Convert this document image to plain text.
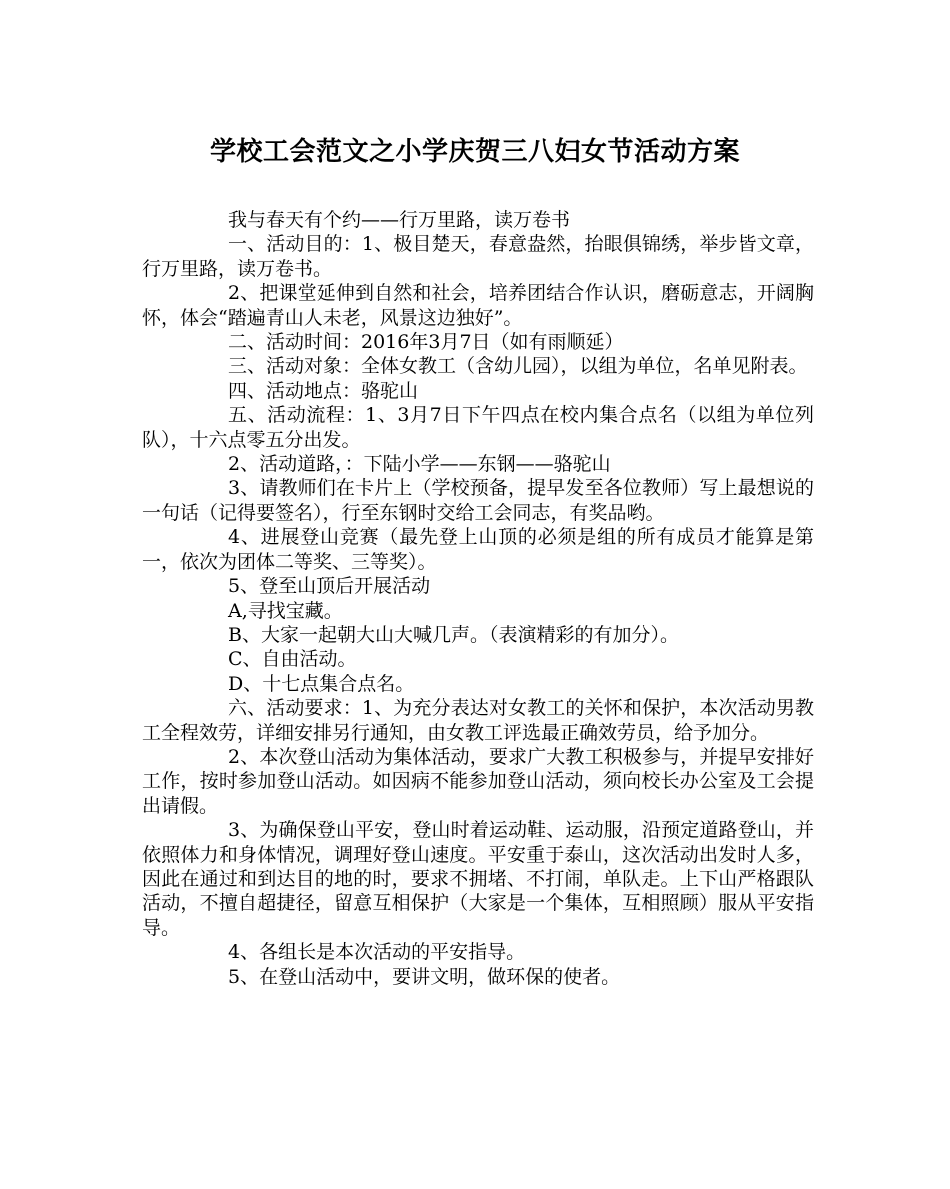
学校工会范文之小学庆贺三八妇女节活动方案

我与春天有个约——行万里路，读万卷书

一、活动目的：1、极目楚天，春意盎然，抬眼俱锦绣，举步皆文章，行万里路，读万卷书。

2、把课堂延伸到自然和社会，培养团结合作认识，磨砺意志，开阔胸怀，体会“踏遍青山人未老，风景这边独好”。

二、活动时间：2016年3月7日（如有雨顺延）

三、活动对象：全体女教工（含幼儿园），以组为单位，名单见附表。

四、活动地点：骆驼山

五、活动流程：1、3月7日下午四点在校内集合点名（以组为单位列队），十六点零五分出发。

2、活动道路，：下陆小学——东钢——骆驼山

3、请教师们在卡片上（学校预备，提早发至各位教师）写上最想说的一句话（记得要签名），行至东钢时交给工会同志，有奖品哟。

4、进展登山竞赛（最先登上山顶的必须是组的所有成员才能算是第一，依次为团体二等奖、三等奖）。

5、登至山顶后开展活动

A,寻找宝藏。

B、大家一起朝大山大喊几声。（表演精彩的有加分）。

C、自由活动。

D、十七点集合点名。

六、活动要求：1、为充分表达对女教工的关怀和保护，本次活动男教工全程效劳，详细安排另行通知，由女教工评选最正确效劳员，给予加分。

2、本次登山活动为集体活动，要求广大教工积极参与，并提早安排好工作，按时参加登山活动。如因病不能参加登山活动，须向校长办公室及工会提出请假。

3、为确保登山平安，登山时着运动鞋、运动服，沿预定道路登山，并依照体力和身体情况，调理好登山速度。平安重于泰山，这次活动出发时人多，因此在通过和到达目的地的时，要求不拥堵、不打闹，单队走。上下山严格跟队活动，不擅自超捷径，留意互相保护（大家是一个集体，互相照顾）服从平安指导。

4、各组长是本次活动的平安指导。

5、在登山活动中，要讲文明，做环保的使者。
